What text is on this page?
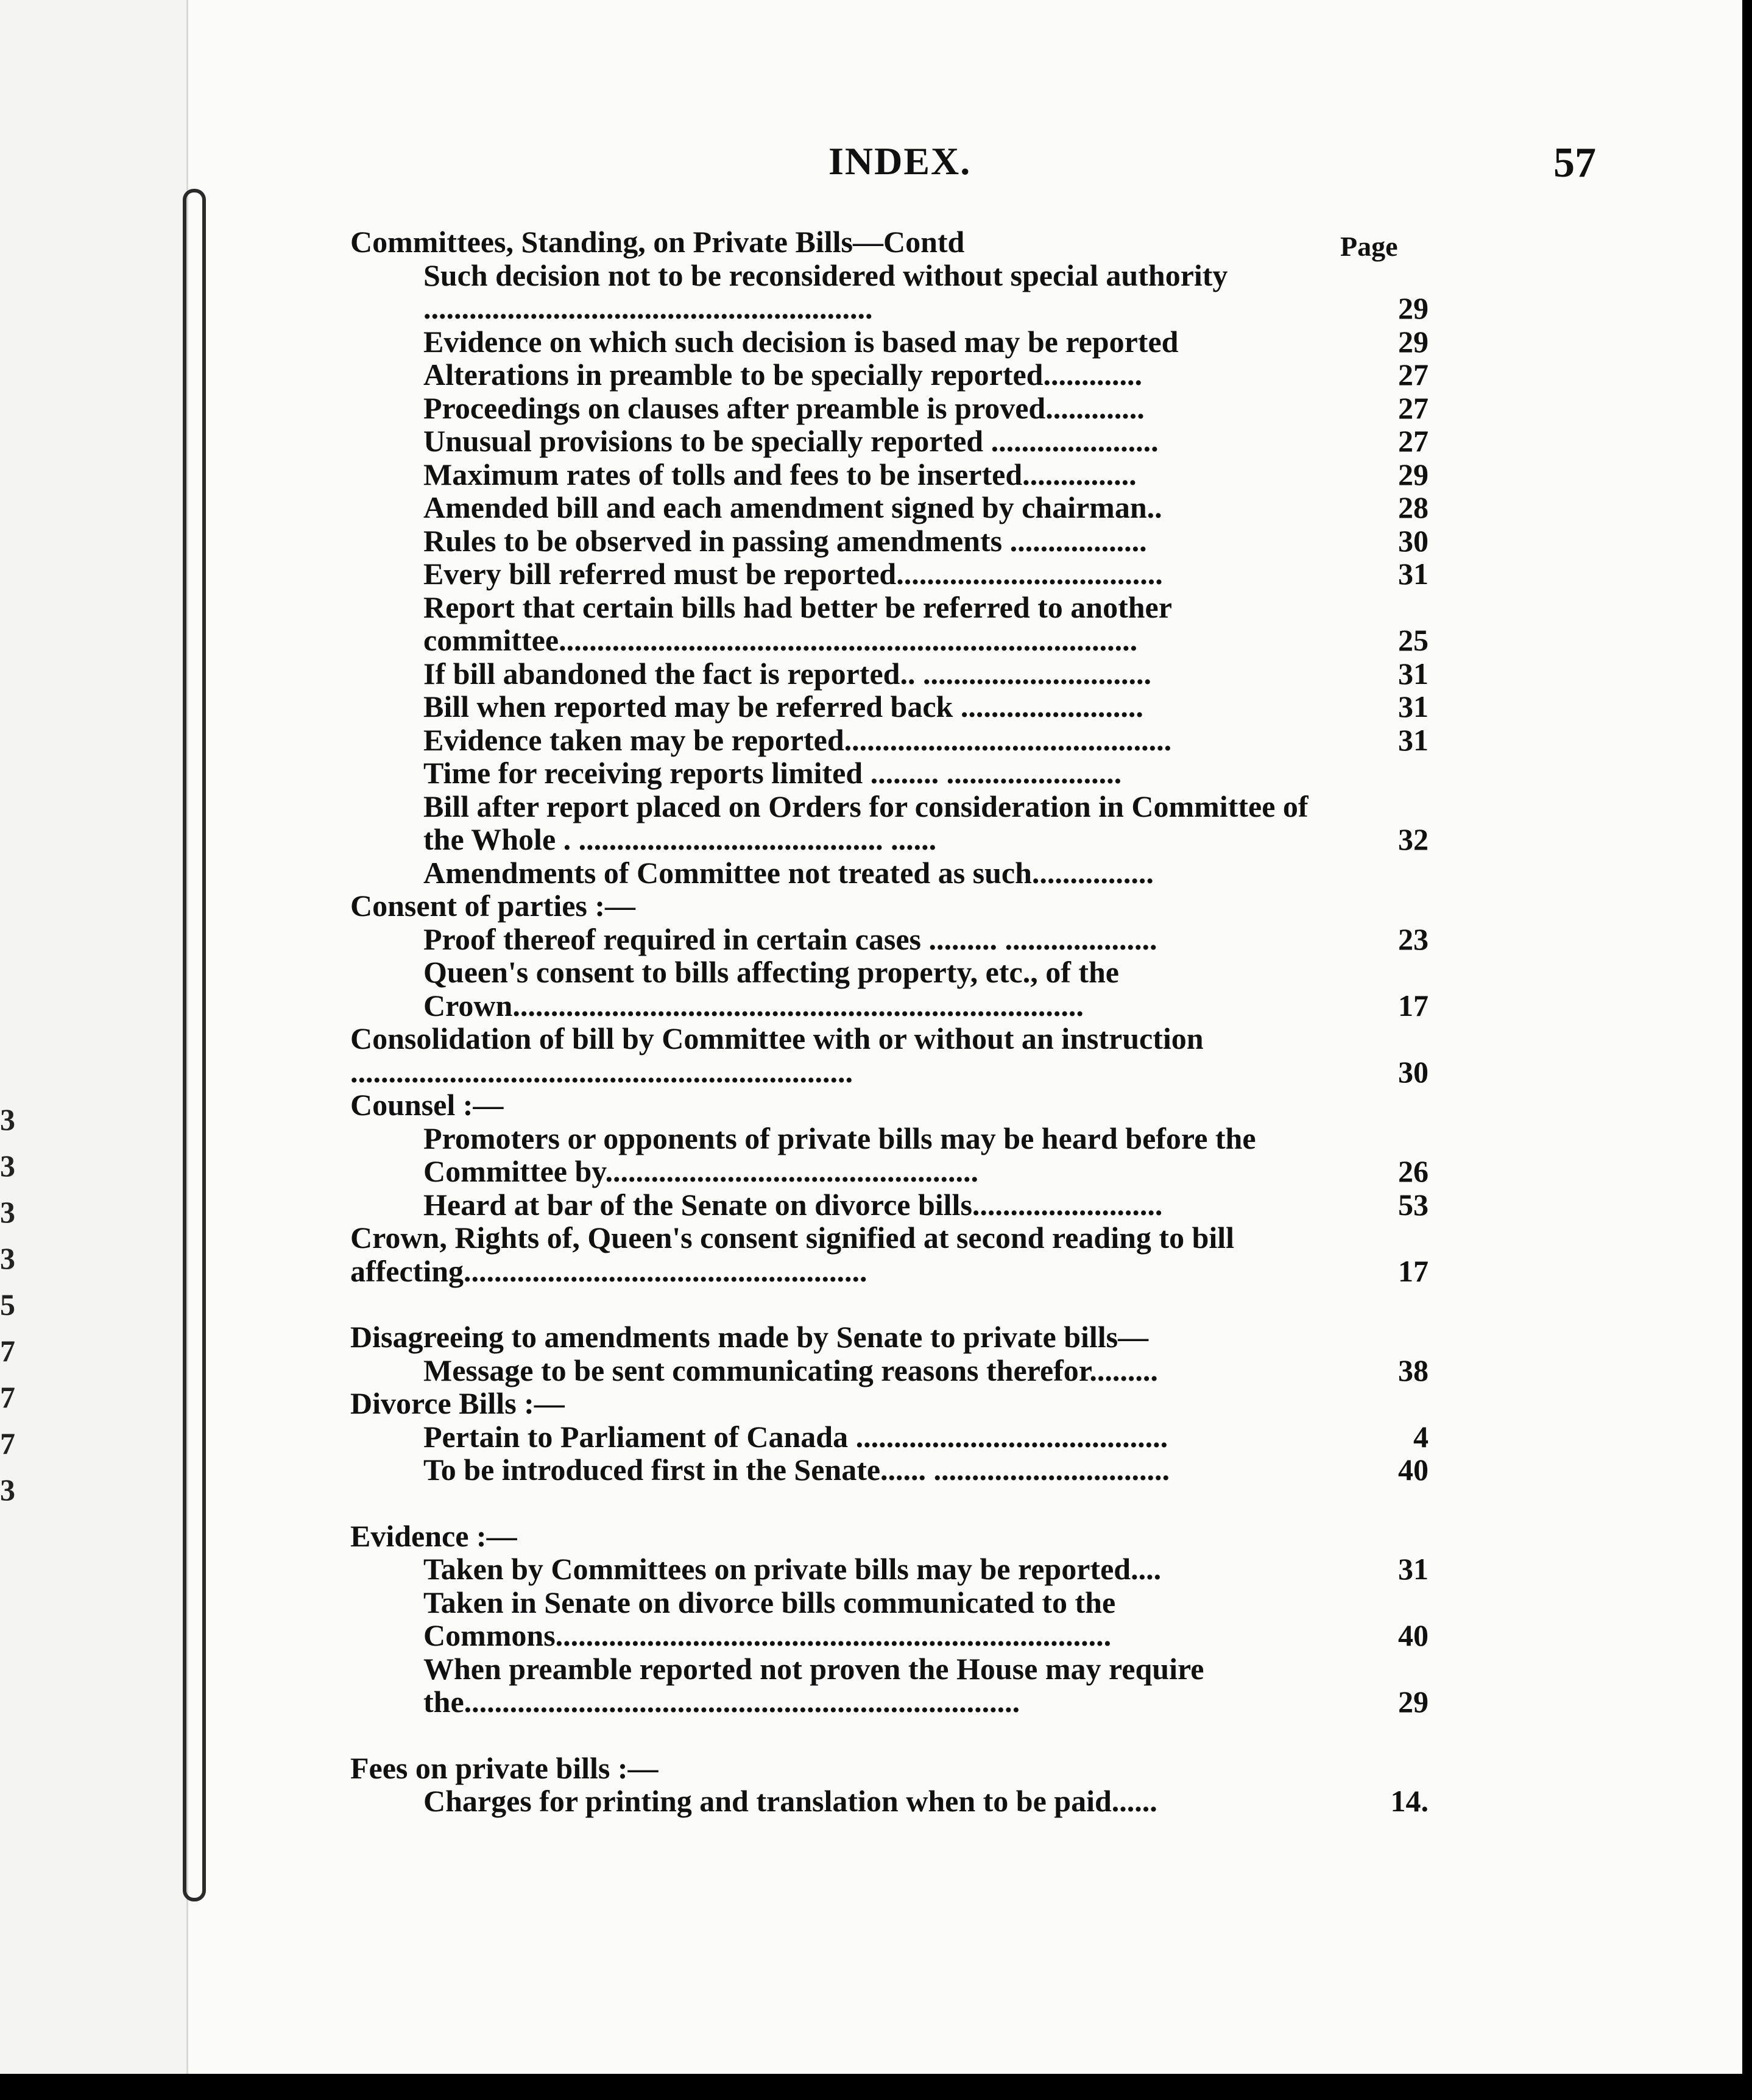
3
3
3
3
5
7
7
7
3
INDEX.	57
Page
Committees, Standing, on Private Bills—Contd
Such decision not to be reconsidered without special authority ...........................................................	29
Evidence on which such decision is based may be reported	29
Alterations in preamble to be specially reported.............	27
Proceedings on clauses after preamble is proved.............	27
Unusual provisions to be specially reported ......................	27
Maximum rates of tolls and fees to be inserted...............	29
Amended bill and each amendment signed by chairman..	28
Rules to be observed in passing amendments ..................	30
Every bill referred must be reported...................................	31
Report that certain bills had better be referred to another committee............................................................................	25
If bill abandoned the fact is reported.. ..............................	31
Bill when reported may be referred back ........................	31
Evidence taken may be reported...........................................	31
Time for receiving reports limited ......... .......................
Bill after report placed on Orders for consideration in Committee of the Whole . ........................................ ......	32
Amendments of Committee not treated as such................
Consent of parties :—
Proof thereof required in certain cases ......... ....................	23
Queen's consent to bills affecting property, etc., of the Crown...........................................................................	17
Consolidation of bill by Committee with or without an instruction ..................................................................	30
Counsel :—
Promoters or opponents of private bills may be heard before the Committee by.................................................	26
Heard at bar of the Senate on divorce bills.........................	53
Crown, Rights of, Queen's consent signified at second reading to bill affecting.....................................................	17
Disagreeing to amendments made by Senate to private bills—
Message to be sent communicating reasons therefor.........	38
Divorce Bills :—
Pertain to Parliament of Canada .........................................	4
To be introduced first in the Senate...... ...............................	40
Evidence :—
Taken by Committees on private bills may be reported....	31
Taken in Senate on divorce bills communicated to the Commons.........................................................................	40
When preamble reported not proven the House may require the.........................................................................	29
Fees on private bills :—
Charges for printing and translation when to be paid......	14.
